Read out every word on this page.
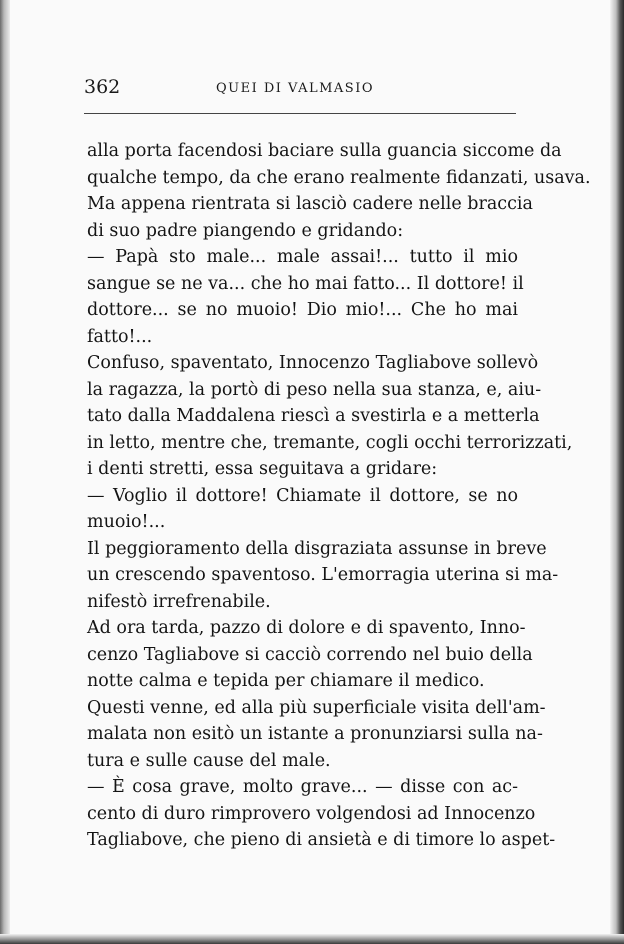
362	QUEI DI VALMASIO

alla porta facendosi baciare sulla guancia siccome da
qualche tempo, da che erano realmente fidanzati, usava.

Ma appena rientrata si lasciò cadere nelle braccia
di suo padre piangendo e gridando:

— Papà sto male... male assai!... tutto il mio
sangue se ne va... che ho mai fatto... Il dottore! il
dottore... se no muoio! Dio mio!... Che ho mai
fatto!...

Confuso, spaventato, Innocenzo Tagliabove sollevò
la ragazza, la portò di peso nella sua stanza, e, aiu-
tato dalla Maddalena riescì a svestirla e a metterla
in letto, mentre che, tremante, cogli occhi terrorizzati,
i denti stretti, essa seguitava a gridare:

— Voglio il dottore! Chiamate il dottore, se no
muoio!...

Il peggioramento della disgraziata assunse in breve
un crescendo spaventoso. L'emorragia uterina si ma-
nifestò irrefrenabile.

Ad ora tarda, pazzo di dolore e di spavento, Inno-
cenzo Tagliabove si cacciò correndo nel buio della
notte calma e tepida per chiamare il medico.

Questi venne, ed alla più superficiale visita dell'am-
malata non esitò un istante a pronunziarsi sulla na-
tura e sulle cause del male.

— È cosa grave, molto grave... — disse con ac-
cento di duro rimprovero volgendosi ad Innocenzo
Tagliabove, che pieno di ansietà e di timore lo aspet-
